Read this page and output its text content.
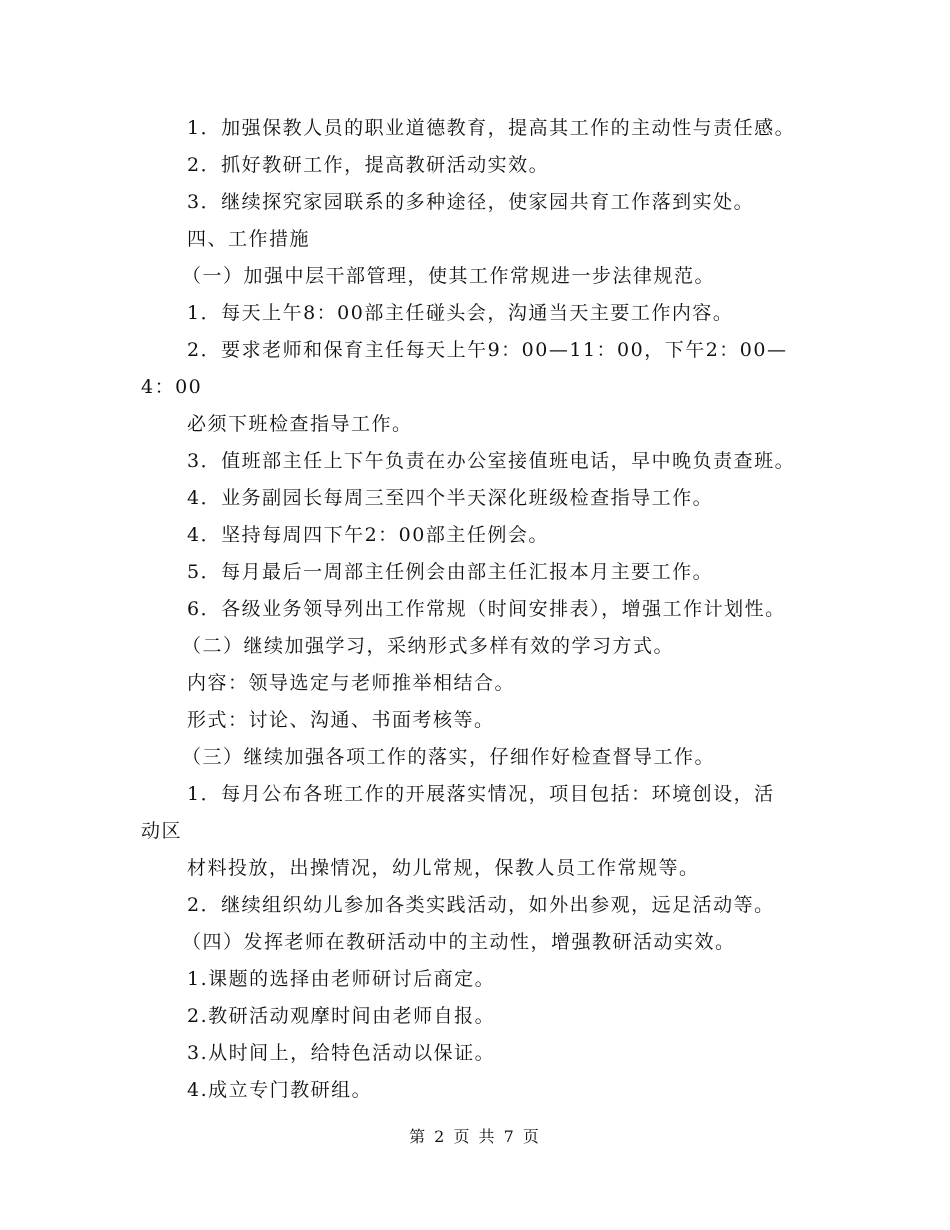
1．加强保教人员的职业道德教育，提高其工作的主动性与责任感。
2．抓好教研工作，提高教研活动实效。
3．继续探究家园联系的多种途径，使家园共育工作落到实处。
四、工作措施
（一）加强中层干部管理，使其工作常规进一步法律规范。
1．每天上午8：00部主任碰头会，沟通当天主要工作内容。
2．要求老师和保育主任每天上午9：00—11：00，下午2：00—
4：00
必须下班检查指导工作。
3．值班部主任上下午负责在办公室接值班电话，早中晚负责查班。
4．业务副园长每周三至四个半天深化班级检查指导工作。
4．坚持每周四下午2：00部主任例会。
5．每月最后一周部主任例会由部主任汇报本月主要工作。
6．各级业务领导列出工作常规（时间安排表），增强工作计划性。
（二）继续加强学习，采纳形式多样有效的学习方式。
内容：领导选定与老师推举相结合。
形式：讨论、沟通、书面考核等。
（三）继续加强各项工作的落实，仔细作好检查督导工作。
1．每月公布各班工作的开展落实情况，项目包括：环境创设，活
动区
材料投放，出操情况，幼儿常规，保教人员工作常规等。
2．继续组织幼儿参加各类实践活动，如外出参观，远足活动等。
（四）发挥老师在教研活动中的主动性，增强教研活动实效。
1.课题的选择由老师研讨后商定。
2.教研活动观摩时间由老师自报。
3.从时间上，给特色活动以保证。
4.成立专门教研组。
第 2 页 共 7 页
